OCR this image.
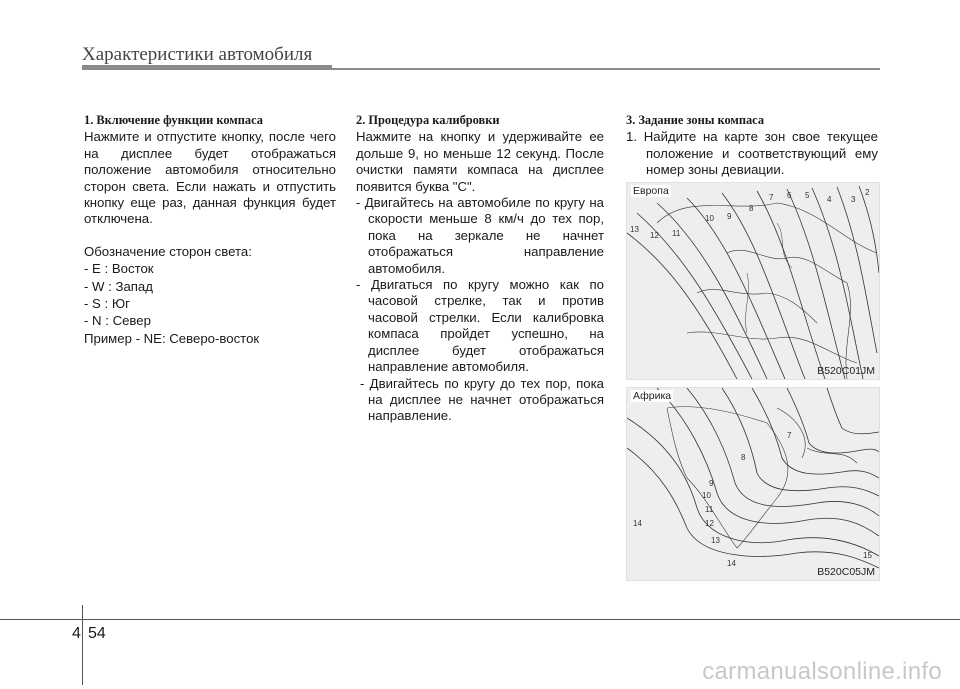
Характеристики автомобиля
1. Включение функции компаса

Нажмите и отпустите кнопку, после чего на дисплее будет отображаться положение автомобиля относительно сторон света. Если нажать и отпустить кнопку еще раз, данная функция будет отключена.

Обозначение сторон света:
- E : Восток
- W : Запад
- S : Юг
- N : Север
Пример - NE: Северо-восток
2. Процедура калибровки

Нажмите на кнопку и удерживайте ее дольше 9, но меньше 12 секунд. После очистки памяти компаса на дисплее появится буква "C".

- Двигайтесь на автомобиле по кругу на скорости меньше 8 км/ч до тех пор, пока на зеркале не начнет отображаться направление автомобиля.

- Двигаться по кругу можно как по часовой стрелке, так и против часовой стрелки. Если калибровка компаса пройдет успешно, на дисплее будет отображаться направление автомобиля.

- Двигайтесь по кругу до тех пор, пока на дисплее не начнет отображаться направление.

3. Задание зоны компаса

1. Найдите на карте зон свое текущее положение и соответствующий ему номер зоны девиации.

13
12 11
10 9
8
7 6 5 4 3
2
Европа
B520C01JM
7
8
9
10
11
12
13
14
14
15
Африка
B520C05JM
4 54
carmanualsonline.info
